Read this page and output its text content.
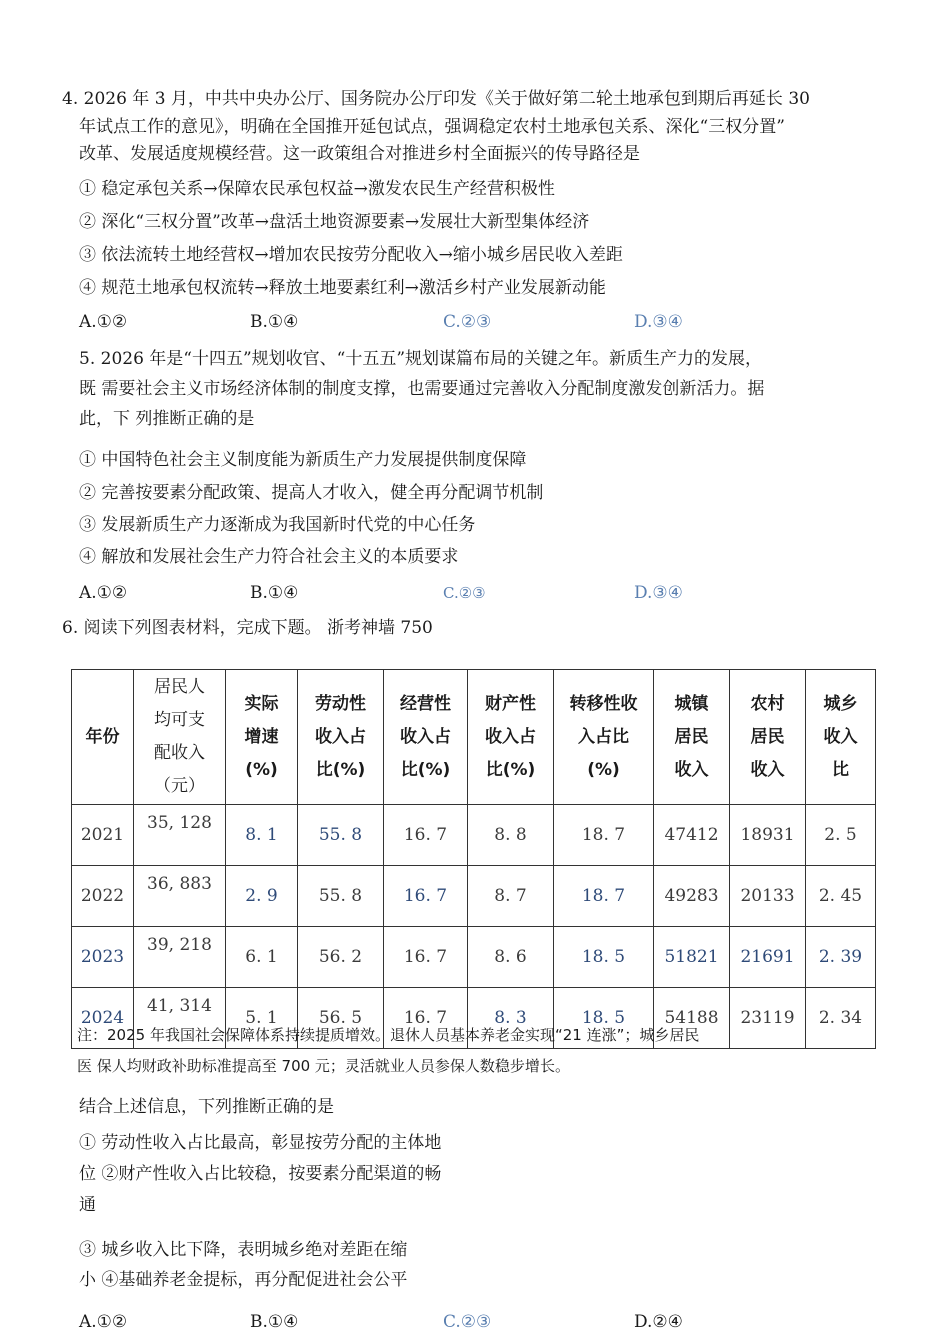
4. 2026 年 3 月，中共中央办公厅、国务院办公厅印发《关于做好第二轮土地承包到期后再延长 30
年试点工作的意见》，明确在全国推开延包试点，强调稳定农村土地承包关系、深化“三权分置”
改革、发展适度规模经营。这一政策组合对推进乡村全面振兴的传导路径是
① 稳定承包关系→保障农民承包权益→激发农民生产经营积极性
② 深化“三权分置”改革→盘活土地资源要素→发展壮大新型集体经济
③ 依法流转土地经营权→增加农民按劳分配收入→缩小城乡居民收入差距
④ 规范土地承包权流转→释放土地要素红利→激活乡村产业发展新动能
A.①②	B.①④	C.②③	D.③④
5. 2026 年是“十四五”规划收官、“十五五”规划谋篇布局的关键之年。新质生产力的发展，
既 需要社会主义市场经济体制的制度支撑，也需要通过完善收入分配制度激发创新活力。据
此，下 列推断正确的是
① 中国特色社会主义制度能为新质生产力发展提供制度保障
② 完善按要素分配政策、提高人才收入，健全再分配调节机制
③ 发展新质生产力逐渐成为我国新时代党的中心任务
④ 解放和发展社会生产力符合社会主义的本质要求
A.①②	B.①④	C.②③	D.③④
6. 阅读下列图表材料，完成下题。 浙考神墙 750
年份	居民人
均可支
配收入
（元）	实际
增速
(%)	劳动性
收入占
比(%)	经营性
收入占
比(%)	财产性
收入占
比(%)	转移性收
入占比
(%)	城镇
居民
收入	农村
居民
收入	城乡
收入
比
2021	35, 128	8. 1	55. 8	16. 7	8. 8	18. 7	47412	18931	2. 5
2022	36, 883	2. 9	55. 8	16. 7	8. 7	18. 7	49283	20133	2. 45
2023	39, 218	6. 1	56. 2	16. 7	8. 6	18. 5	51821	21691	2. 39
2024	41, 314	5. 1	56. 5	16. 7	8. 3	18. 5	54188	23119	2. 34
注：2025 年我国社会保障体系持续提质增效。退休人员基本养老金实现“21 连涨”；城乡居民
医 保人均财政补助标准提高至 700 元；灵活就业人员参保人数稳步增长。
结合上述信息，下列推断正确的是
① 劳动性收入占比最高，彰显按劳分配的主体地
位 ②财产性收入占比较稳，按要素分配渠道的畅
通
③ 城乡收入比下降，表明城乡绝对差距在缩
小 ④基础养老金提标，再分配促进社会公平
A.①②	B.①④	C.②③	D.②④
